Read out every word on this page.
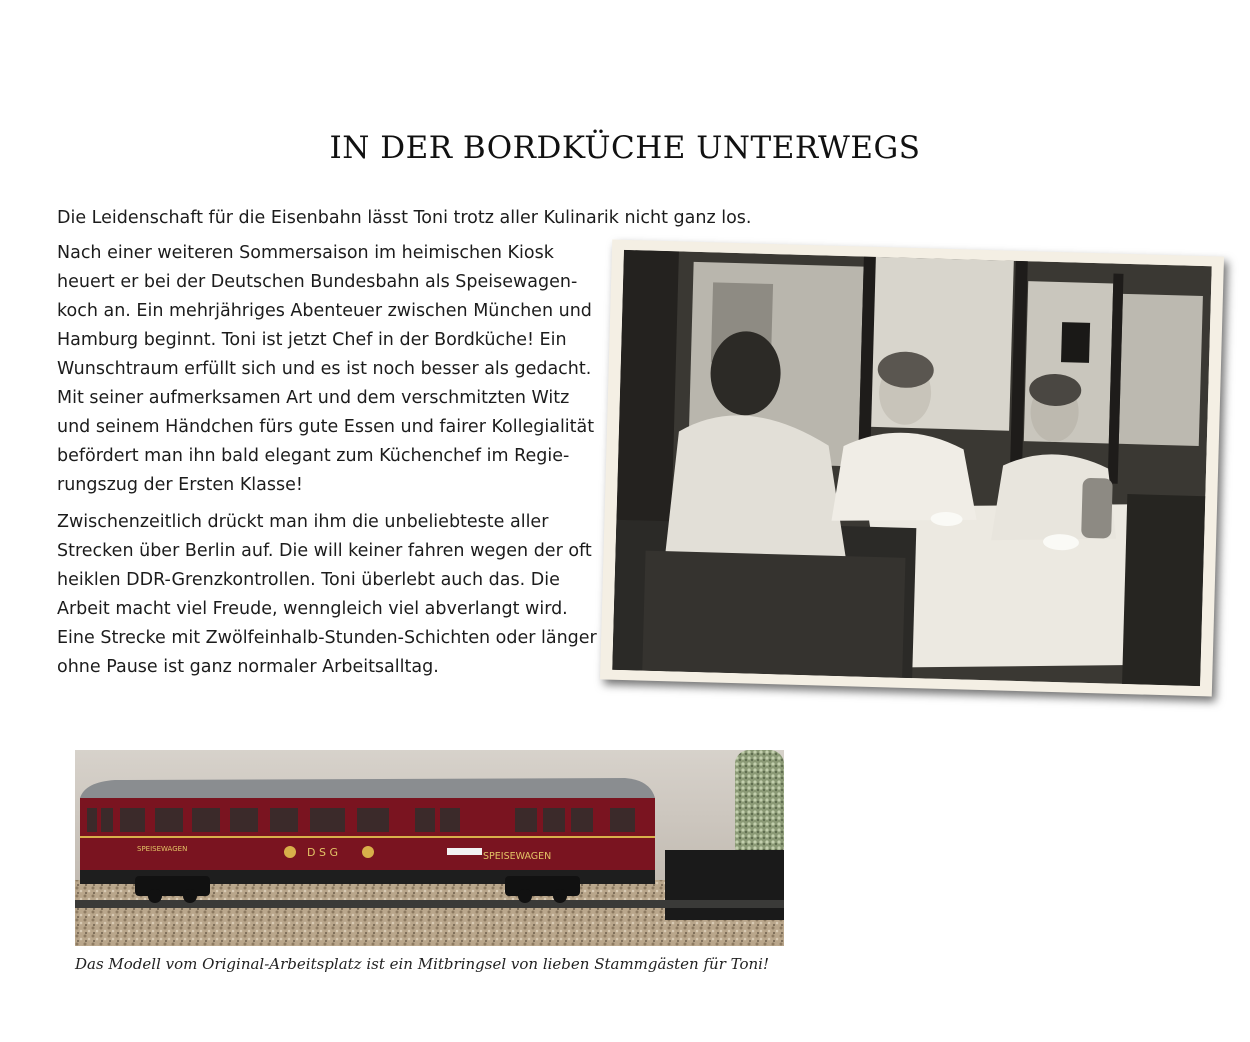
IN DER BORDKÜCHE UNTERWEGS
Die Leidenschaft für die Eisenbahn lässt Toni trotz aller Kulinarik nicht ganz los.
Nach einer weiteren Sommersaison im heimischen Kiosk heuert er bei der Deutschen Bundesbahn als Speisewagen-koch an. Ein mehrjähriges Abenteuer zwischen München und Hamburg beginnt. Toni ist jetzt Chef in der Bordküche! Ein Wunschtraum erfüllt sich und es ist noch besser als gedacht. Mit seiner aufmerksamen Art und dem verschmitzten Witz und seinem Händchen fürs gute Essen und fairer Kollegialität befördert man ihn bald elegant zum Küchenchef im Regie-rungszug der Ersten Klasse!
Zwischenzeitlich drückt man ihm die unbeliebteste aller Strecken über Berlin auf. Die will keiner fahren wegen der oft heiklen DDR-Grenzkontrollen. Toni überlebt auch das. Die Arbeit macht viel Freude, wenngleich viel abverlangt wird. Eine Strecke mit Zwölfeinhalb-Stunden-Schichten oder länger ohne Pause ist ganz normaler Arbeitsalltag.
SPEISEWAGEN	D S G	SPEISEWAGEN
Das Modell vom Original-Arbeitsplatz ist ein Mitbringsel von lieben Stammgästen für Toni!
